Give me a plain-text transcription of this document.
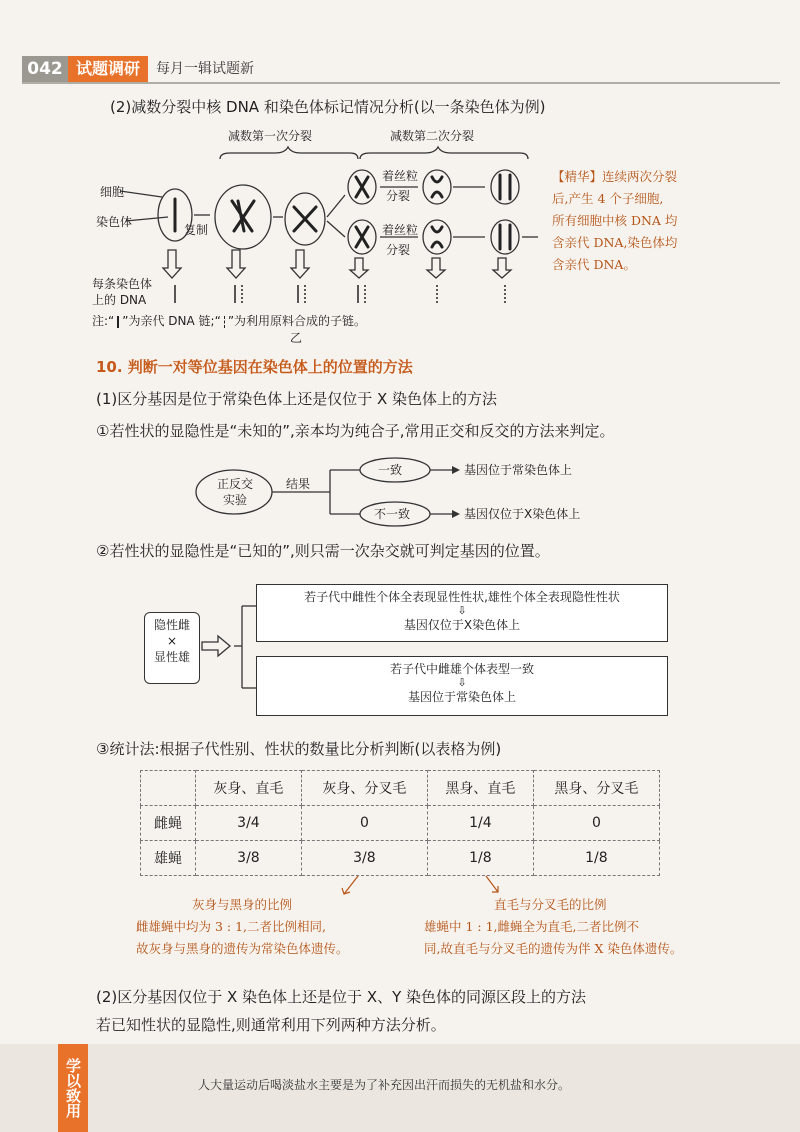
042 试题调研	每月一辑试题新
(2)减数分裂中核 DNA 和染色体标记情况分析(以一条染色体为例)
减数第一次分裂	减数第二次分裂
细胞
染色体
复制
着丝粒
分裂
着丝粒
分裂
每条染色体
上的 DNA
注:“ ”为亲代 DNA 链;“ ”为利用原料合成的子链。
乙
【精华】连续两次分裂
后,产生 4 个子细胞,
所有细胞中核 DNA 均
含亲代 DNA,染色体均
含亲代 DNA。
10. 判断一对等位基因在染色体上的位置的方法
(1)区分基因是位于常染色体上还是仅位于 X 染色体上的方法
①若性状的显隐性是“未知的”,亲本均为纯合子,常用正交和反交的方法来判定。
正反交
实验
结果
一致
不一致
基因位于常染色体上
基因仅位于X染色体上
②若性状的显隐性是“已知的”,则只需一次杂交就可判定基因的位置。
隐性雌
×
显性雄
若子代中雌性个体全表现显性性状,雄性个体全表现隐性性状
⇩
基因仅位于X染色体上
若子代中雌雄个体表型一致
⇩
基因位于常染色体上
③统计法:根据子代性别、性状的数量比分析判断(以表格为例)
	灰身、直毛	灰身、分叉毛	黑身、直毛	黑身、分叉毛
雌蝇	3/4	0	1/4	0
雄蝇	3/8	3/8	1/8	1/8
灰身与黑身的比例
雌雄蝇中均为 3 : 1,二者比例相同,
故灰身与黑身的遗传为常染色体遗传。
直毛与分叉毛的比例
雄蝇中 1 : 1,雌蝇全为直毛,二者比例不
同,故直毛与分叉毛的遗传为伴 X 染色体遗传。
(2)区分基因仅位于 X 染色体上还是位于 X、Y 染色体的同源区段上的方法
若已知性状的显隐性,则通常利用下列两种方法分析。
学以致用	人大量运动后喝淡盐水主要是为了补充因出汗而损失的无机盐和水分。
